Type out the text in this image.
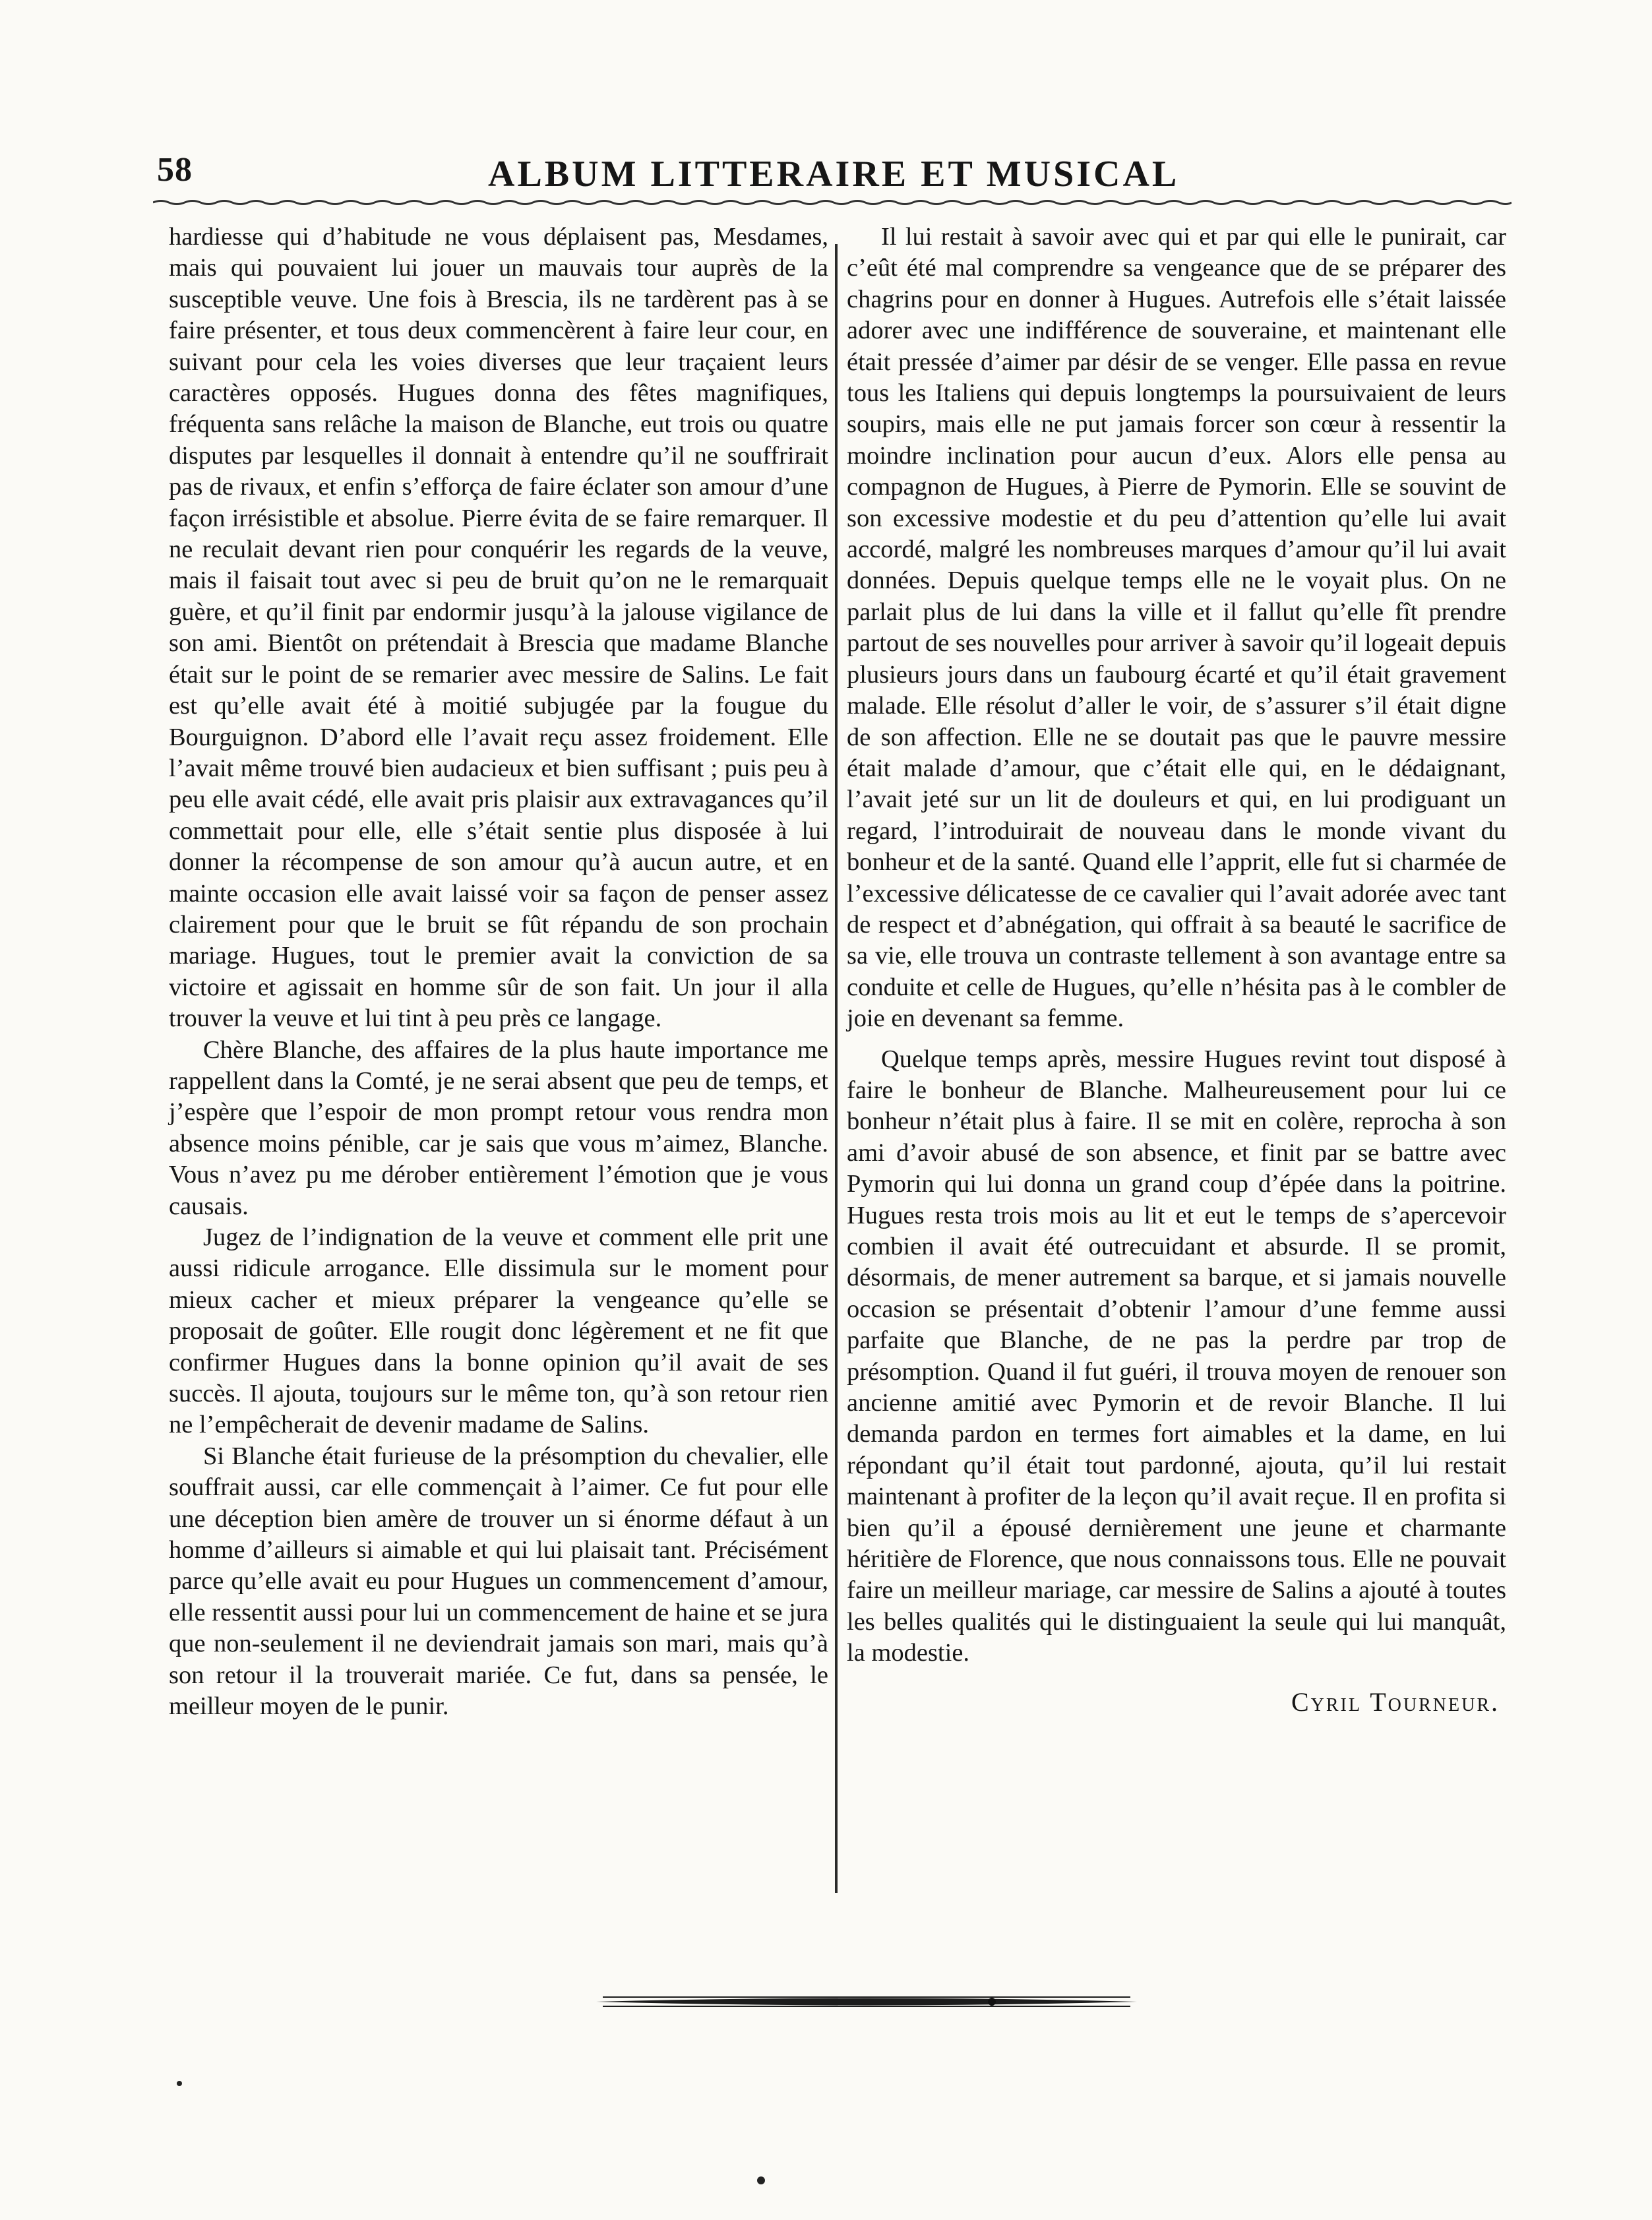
58	ALBUM LITTERAIRE ET MUSICAL

hardiesse qui d’habitude ne vous déplaisent pas, Mesdames, mais qui pouvaient lui jouer un mauvais tour auprès de la susceptible veuve. Une fois à Brescia, ils ne tardèrent pas à se faire présenter, et tous deux commencèrent à faire leur cour, en suivant pour cela les voies diverses que leur traçaient leurs caractères opposés. Hugues donna des fêtes magnifiques, fréquenta sans relâche la maison de Blanche, eut trois ou quatre disputes par lesquelles il donnait à entendre qu’il ne souffrirait pas de rivaux, et enfin s’efforça de faire éclater son amour d’une façon irrésistible et absolue. Pierre évita de se faire remarquer. Il ne reculait devant rien pour conquérir les regards de la veuve, mais il faisait tout avec si peu de bruit qu’on ne le remarquait guère, et qu’il finit par endormir jusqu’à la jalouse vigilance de son ami. Bientôt on prétendait à Brescia que madame Blanche était sur le point de se remarier avec messire de Salins. Le fait est qu’elle avait été à moitié subjugée par la fougue du Bourguignon. D’abord elle l’avait reçu assez froidement. Elle l’avait même trouvé bien audacieux et bien suffisant ; puis peu à peu elle avait cédé, elle avait pris plaisir aux extravagances qu’il commettait pour elle, elle s’était sentie plus disposée à lui donner la récompense de son amour qu’à aucun autre, et en mainte occasion elle avait laissé voir sa façon de penser assez clairement pour que le bruit se fût répandu de son prochain mariage. Hugues, tout le premier avait la conviction de sa victoire et agissait en homme sûr de son fait. Un jour il alla trouver la veuve et lui tint à peu près ce langage.

Chère Blanche, des affaires de la plus haute importance me rappellent dans la Comté, je ne serai absent que peu de temps, et j’espère que l’espoir de mon prompt retour vous rendra mon absence moins pénible, car je sais que vous m’aimez, Blanche. Vous n’avez pu me dérober entièrement l’émotion que je vous causais.

Jugez de l’indignation de la veuve et comment elle prit une aussi ridicule arrogance. Elle dissimula sur le moment pour mieux cacher et mieux préparer la vengeance qu’elle se proposait de goûter. Elle rougit donc légèrement et ne fit que confirmer Hugues dans la bonne opinion qu’il avait de ses succès. Il ajouta, toujours sur le même ton, qu’à son retour rien ne l’empêcherait de devenir madame de Salins.

Si Blanche était furieuse de la présomption du chevalier, elle souffrait aussi, car elle commençait à l’aimer. Ce fut pour elle une déception bien amère de trouver un si énorme défaut à un homme d’ailleurs si aimable et qui lui plaisait tant. Précisément parce qu’elle avait eu pour Hugues un commencement d’amour, elle ressentit aussi pour lui un commencement de haine et se jura que non-seulement il ne deviendrait jamais son mari, mais qu’à son retour il la trouverait mariée. Ce fut, dans sa pensée, le meilleur moyen de le punir.

Il lui restait à savoir avec qui et par qui elle le punirait, car c’eût été mal comprendre sa vengeance que de se préparer des chagrins pour en donner à Hugues. Autrefois elle s’était laissée adorer avec une indifférence de souveraine, et maintenant elle était pressée d’aimer par désir de se venger. Elle passa en revue tous les Italiens qui depuis longtemps la poursuivaient de leurs soupirs, mais elle ne put jamais forcer son cœur à ressentir la moindre inclination pour aucun d’eux. Alors elle pensa au compagnon de Hugues, à Pierre de Pymorin. Elle se souvint de son excessive modestie et du peu d’attention qu’elle lui avait accordé, malgré les nombreuses marques d’amour qu’il lui avait données. Depuis quelque temps elle ne le voyait plus. On ne parlait plus de lui dans la ville et il fallut qu’elle fît prendre partout de ses nouvelles pour arriver à savoir qu’il logeait depuis plusieurs jours dans un faubourg écarté et qu’il était gravement malade. Elle résolut d’aller le voir, de s’assurer s’il était digne de son affection. Elle ne se doutait pas que le pauvre messire était malade d’amour, que c’était elle qui, en le dédaignant, l’avait jeté sur un lit de douleurs et qui, en lui prodiguant un regard, l’introduirait de nouveau dans le monde vivant du bonheur et de la santé. Quand elle l’apprit, elle fut si charmée de l’excessive délicatesse de ce cavalier qui l’avait adorée avec tant de respect et d’abnégation, qui offrait à sa beauté le sacrifice de sa vie, elle trouva un contraste tellement à son avantage entre sa conduite et celle de Hugues, qu’elle n’hésita pas à le combler de joie en devenant sa femme.

Quelque temps après, messire Hugues revint tout disposé à faire le bonheur de Blanche. Malheureusement pour lui ce bonheur n’était plus à faire. Il se mit en colère, reprocha à son ami d’avoir abusé de son absence, et finit par se battre avec Pymorin qui lui donna un grand coup d’épée dans la poitrine. Hugues resta trois mois au lit et eut le temps de s’apercevoir combien il avait été outrecuidant et absurde. Il se promit, désormais, de mener autrement sa barque, et si jamais nouvelle occasion se présentait d’obtenir l’amour d’une femme aussi parfaite que Blanche, de ne pas la perdre par trop de présomption. Quand il fut guéri, il trouva moyen de renouer son ancienne amitié avec Pymorin et de revoir Blanche. Il lui demanda pardon en termes fort aimables et la dame, en lui répondant qu’il était tout pardonné, ajouta, qu’il lui restait maintenant à profiter de la leçon qu’il avait reçue. Il en profita si bien qu’il a épousé dernièrement une jeune et charmante héritière de Florence, que nous connaissons tous. Elle ne pouvait faire un meilleur mariage, car messire de Salins a ajouté à toutes les belles qualités qui le distinguaient la seule qui lui manquât, la modestie.

Cyril Tourneur.
